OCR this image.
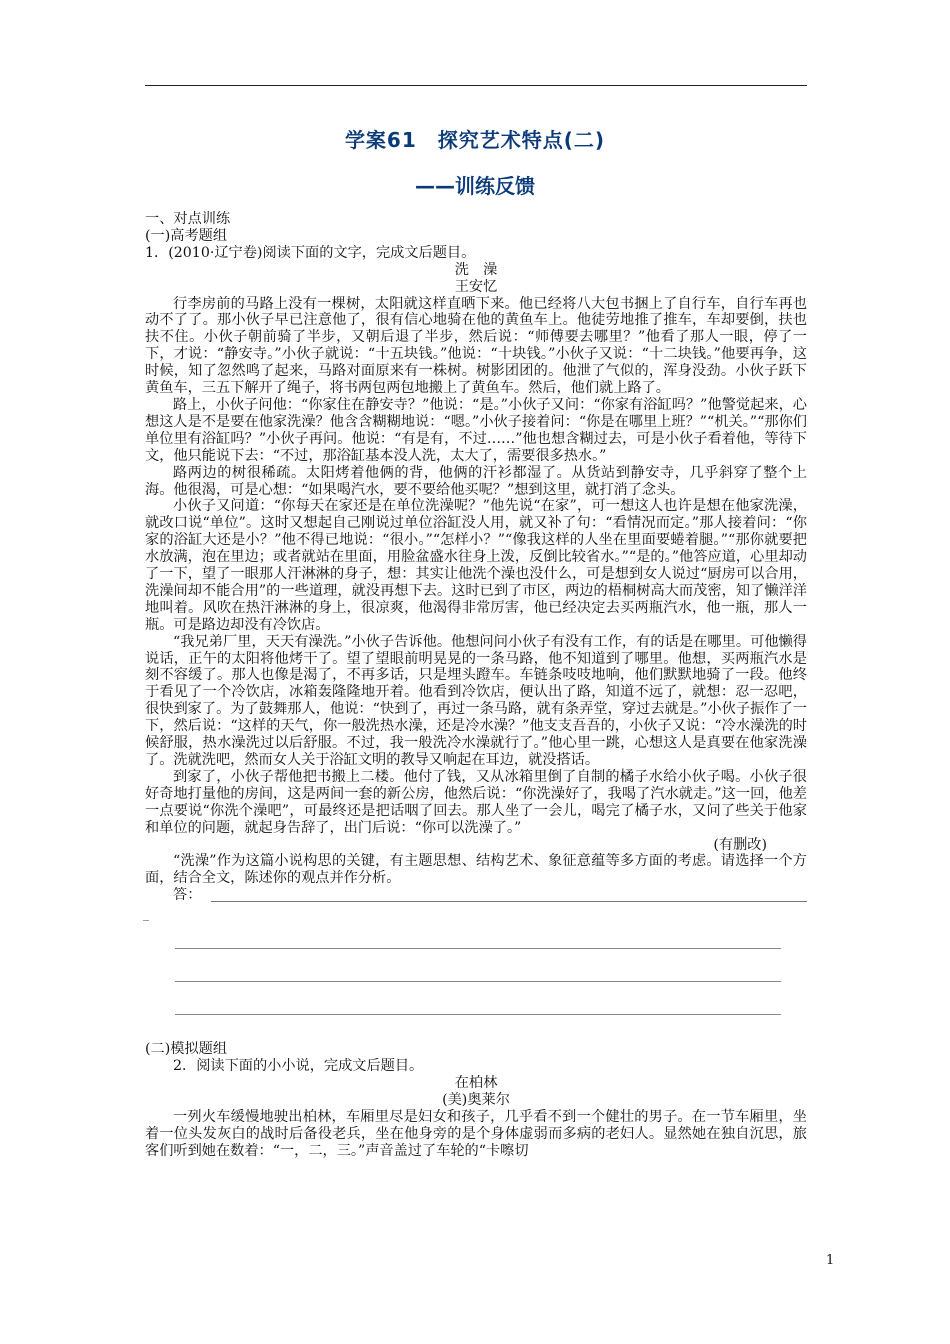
学案61　探究艺术特点(二)
——训练反馈
一、对点训练
(一)高考题组
1．(2010·辽宁卷)阅读下面的文字，完成文后题目。
洗　澡
王安忆

行李房前的马路上没有一棵树，太阳就这样直晒下来。他已经将八大包书捆上了自行车，自行车再也动不了了。那小伙子早已注意他了，很有信心地骑在他的黄鱼车上。他徒劳地推了推车，车却要倒，扶也扶不住。小伙子朝前骑了半步，又朝后退了半步，然后说：“师傅要去哪里？”他看了那人一眼，停了一下，才说：“静安寺。”小伙子就说：“十五块钱。”他说：“十块钱。”小伙子又说：“十二块钱。”他要再争，这时候，知了忽然鸣了起来，马路对面原来有一株树。树影团团的。他泄了气似的，浑身没劲。小伙子跃下黄鱼车，三五下解开了绳子，将书两包两包地搬上了黄鱼车。然后，他们就上路了。

路上，小伙子问他：“你家住在静安寺？”他说：“是。”小伙子又问：“你家有浴缸吗？”他警觉起来，心想这人是不是要在他家洗澡？他含含糊糊地说：“嗯。”小伙子接着问：“你是在哪里上班？”“机关。”“那你们单位里有浴缸吗？”小伙子再问。他说：“有是有，不过……”他也想含糊过去，可是小伙子看着他，等待下文，他只能说下去：“不过，那浴缸基本没人洗，太大了，需要很多热水。”

路两边的树很稀疏。太阳烤着他俩的背，他俩的汗衫都湿了。从货站到静安寺，几乎斜穿了整个上海。他很渴，可是心想：“如果喝汽水，要不要给他买呢？”想到这里，就打消了念头。

小伙子又问道：“你每天在家还是在单位洗澡呢？”他先说“在家”，可一想这人也许是想在他家洗澡，就改口说“单位”。这时又想起自己刚说过单位浴缸没人用，就又补了句：“看情况而定。”那人接着问：“你家的浴缸大还是小？”他不得已地说：“很小。”“怎样小？”“像我这样的人坐在里面要蜷着腿。”“那你就要把水放满，泡在里边；或者就站在里面，用脸盆盛水往身上泼，反倒比较省水。”“是的。”他答应道，心里却动了一下，望了一眼那人汗淋淋的身子，想：其实让他洗个澡也没什么，可是想到女人说过“厨房可以合用，洗澡间却不能合用”的一些道理，就没再想下去。这时已到了市区，两边的梧桐树高大而茂密，知了懒洋洋地叫着。风吹在热汗淋淋的身上，很凉爽，他渴得非常厉害，他已经决定去买两瓶汽水，他一瓶，那人一瓶。可是路边却没有冷饮店。

“我兄弟厂里，天天有澡洗。”小伙子告诉他。他想问问小伙子有没有工作，有的话是在哪里。可他懒得说话，正午的太阳将他烤干了。望了望眼前明晃晃的一条马路，他不知道到了哪里。他想，买两瓶汽水是刻不容缓了。那人也像是渴了，不再多话，只是埋头蹬车。车链条吱吱地响，他们默默地骑了一段。他终于看见了一个冷饮店，冰箱轰隆隆地开着。他看到冷饮店，便认出了路，知道不远了，就想：忍一忍吧，很快到家了。为了鼓舞那人，他说：“快到了，再过一条马路，就有条弄堂，穿过去就是。”小伙子振作了一下，然后说：“这样的天气，你一般洗热水澡，还是冷水澡？”他支支吾吾的，小伙子又说：“冷水澡洗的时候舒服，热水澡洗过以后舒服。不过，我一般洗冷水澡就行了。”他心里一跳，心想这人是真要在他家洗澡了。洗就洗吧，然而女人关于浴缸文明的教导又响起在耳边，就没搭话。

到家了，小伙子帮他把书搬上二楼。他付了钱，又从冰箱里倒了自制的橘子水给小伙子喝。小伙子很好奇地打量他的房间，这是两间一套的新公房，他然后说：“你洗澡好了，我喝了汽水就走。”这一回，他差一点要说“你洗个澡吧”，可最终还是把话咽了回去。那人坐了一会儿，喝完了橘子水，又问了些关于他家和单位的问题，就起身告辞了，出门后说：“你可以洗澡了。”

(有删改)

“洗澡”作为这篇小说构思的关键，有主题思想、结构艺术、象征意蕴等多方面的考虑。请选择一个方面，结合全文，陈述你的观点并作分析。

答：
_
(二)模拟题组
2．阅读下面的小小说，完成文后题目。
在柏林
(美)奥莱尔

一列火车缓慢地驶出柏林，车厢里尽是妇女和孩子，几乎看不到一个健壮的男子。在一节车厢里，坐着一位头发灰白的战时后备役老兵，坐在他身旁的是个身体虚弱而多病的老妇人。显然她在独自沉思，旅客们听到她在数着：“一，二，三。”声音盖过了车轮的“卡嚓切

1
